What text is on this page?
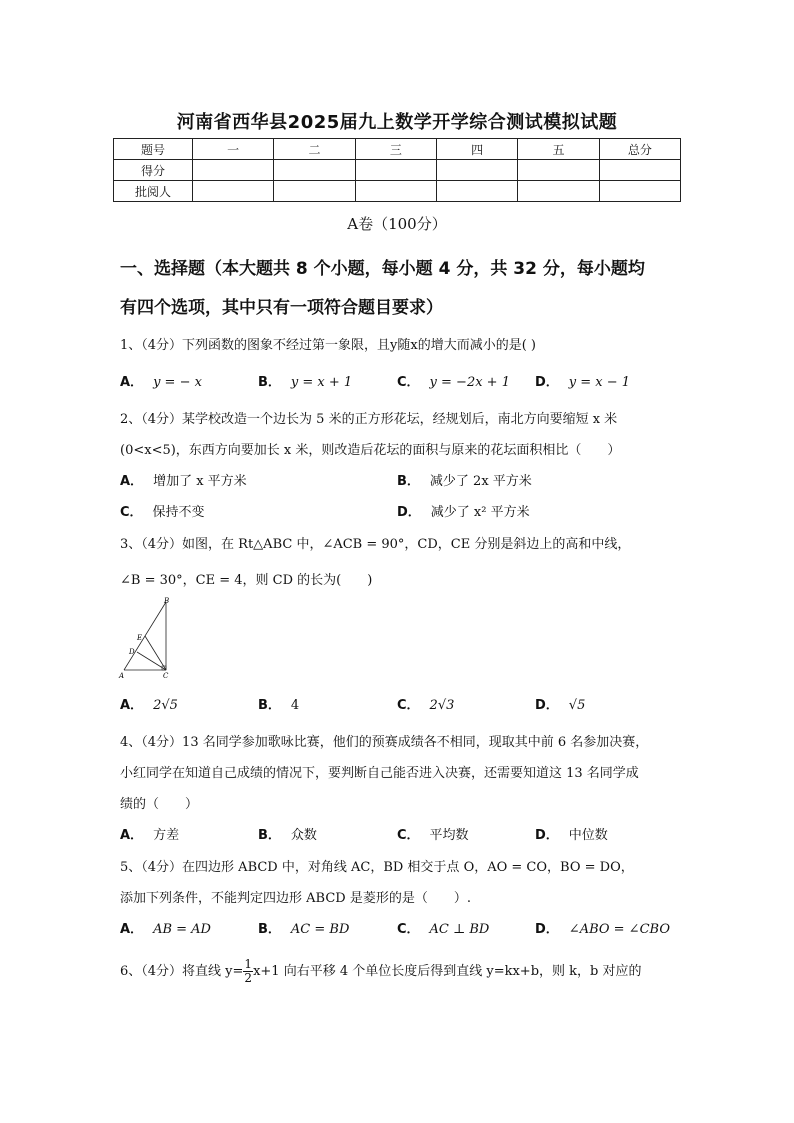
河南省西华县2025届九上数学开学综合测试模拟试题
题号	一	二	三	四	五	总分
得分						
批阅人						
A卷（100分）
一、选择题（本大题共 8 个小题，每小题 4 分，共 32 分，每小题均
有四个选项，其中只有一项符合题目要求）
1、（4分）下列函数的图象不经过第一象限，且y随x的增大而减小的是( )
A． y = − x	B． y = x + 1	C． y = −2x + 1 D． y = x − 1
2、（4分）某学校改造一个边长为 5 米的正方形花坛，经规划后，南北方向要缩短 x 米
(0<x<5)，东西方向要加长 x 米，则改造后花坛的面积与原来的花坛面积相比（　　）
A． 增加了 x 平方米	B． 减少了 2x 平方米
C． 保持不变	D． 减少了 x² 平方米
3、（4分）如图，在 Rt△ABC 中，∠ACB = 90°，CD，CE 分别是斜边上的高和中线，
∠B = 30°，CE = 4，则 CD 的长为(　　)
B
E
D
A	C
A． 2√5	B． 4	C． 2√3	D． √5
4、（4分）13 名同学参加歌咏比赛，他们的预赛成绩各不相同，现取其中前 6 名参加决赛，
小红同学在知道自己成绩的情况下，要判断自己能否进入决赛，还需要知道这 13 名同学成
绩的（　　）
A． 方差	B． 众数	C． 平均数	D． 中位数
5、（4分）在四边形 ABCD 中，对角线 AC，BD 相交于点 O，AO = CO，BO = DO，
添加下列条件，不能判定四边形 ABCD 是菱形的是（　　）.
A． AB = AD	B． AC = BD	C． AC ⊥ BD	D． ∠ABO = ∠CBO
6、（4分）将直线 $y= \frac{1}{2} x+1$ 向右平移 4 个单位长度后得到直线 y=kx+b，则 k，b 对应的
